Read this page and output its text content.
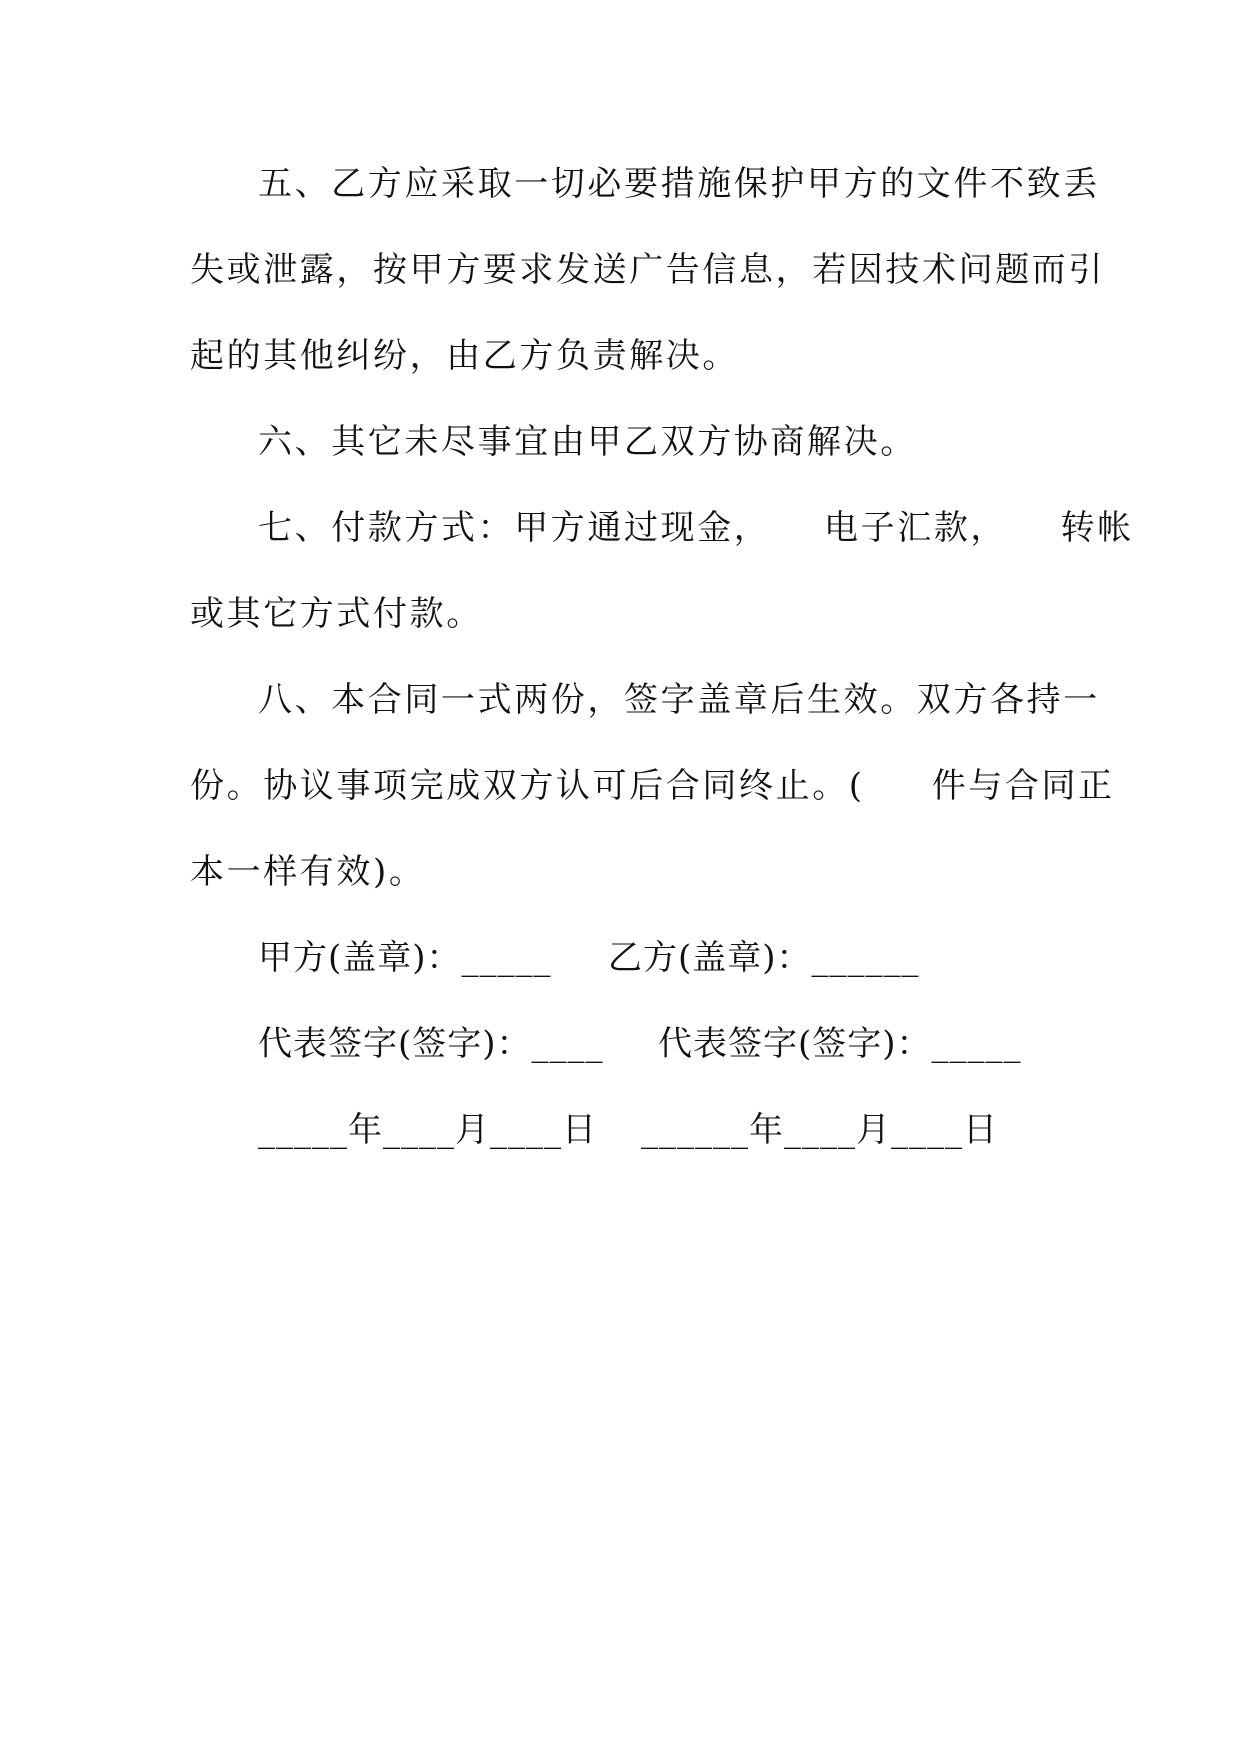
五、乙方应采取一切必要措施保护甲方的文件不致丢
失或泄露，按甲方要求发送广告信息，若因技术问题而引
起的其他纠纷，由乙方负责解决。
六、其它未尽事宜由甲乙双方协商解决。
七、付款方式：甲方通过现金，    电子汇款，    转帐
或其它方式付款。
八、本合同一式两份，签字盖章后生效。双方各持一
份。协议事项完成双方认可后合同终止。(     件与合同正
本一样有效)。

甲方(盖章)：_____

乙方(盖章)：______

代表签字(签字)：____

代表签字(签字)：_____

_____年____月____日

______年____月____日
